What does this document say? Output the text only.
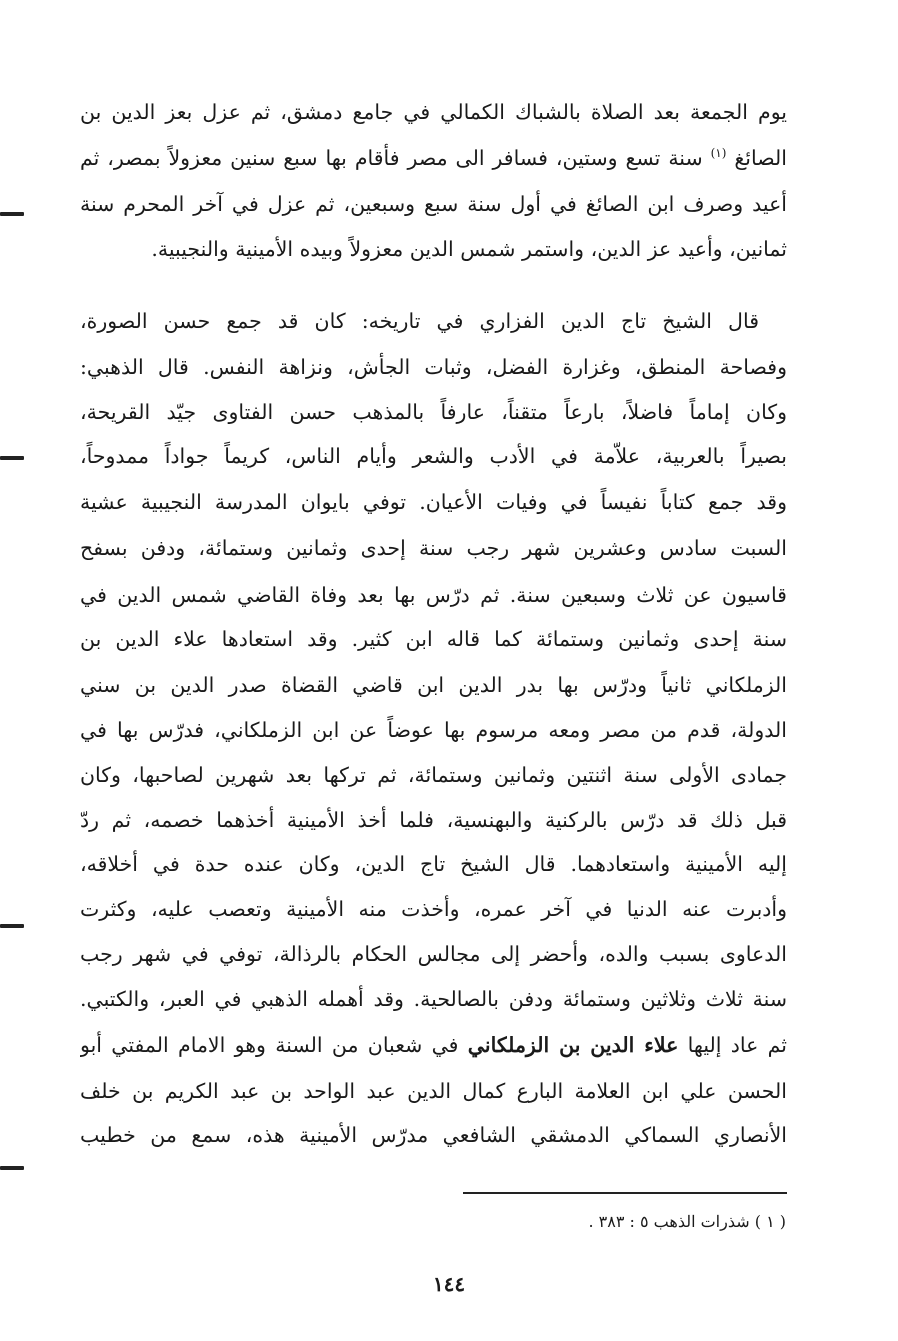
يوم الجمعة بعد الصلاة بالشباك الكمالي في جامع دمشق، ثم عزل بعز الدين بن
الصائغ $^{(١)}$ سنة تسع وستين، فسافر الى مصر فأقام بها سبع سنين معزولاً بمصر، ثم
أعيد وصرف ابن الصائغ في أول سنة سبع وسبعين، ثم عزل في آخر المحرم سنة
ثمانين، وأعيد عز الدين، واستمر شمس الدين معزولاً وبيده الأمينية والنجيبية.
قال الشيخ تاج الدين الفزاري في تاريخه: كان قد جمع حسن الصورة،
وفصاحة المنطق، وغزارة الفضل، وثبات الجأش، ونزاهة النفس. قال الذهبي:
وكان إماماً فاضلاً، بارعاً متقناً، عارفاً بالمذهب حسن الفتاوى جيّد القريحة،
بصيراً بالعربية، علاّمة في الأدب والشعر وأيام الناس، كريماً جواداً ممدوحاً،
وقد جمع كتاباً نفيساً في وفيات الأعيان. توفي بايوان المدرسة النجيبية عشية
السبت سادس وعشرين شهر رجب سنة إحدى وثمانين وستمائة، ودفن بسفح
قاسيون عن ثلاث وسبعين سنة. ثم درّس بها بعد وفاة القاضي شمس الدين في
سنة إحدى وثمانين وستمائة كما قاله ابن كثير. وقد استعادها علاء الدين بن
الزملكاني ثانياً ودرّس بها بدر الدين ابن قاضي القضاة صدر الدين بن سني
الدولة، قدم من مصر ومعه مرسوم بها عوضاً عن ابن الزملكاني، فدرّس بها في
جمادى الأولى سنة اثنتين وثمانين وستمائة، ثم تركها بعد شهرين لصاحبها، وكان
قبل ذلك قد درّس بالركنية والبهنسية، فلما أخذ الأمينية أخذهما خصمه، ثم ردّ
إليه الأمينية واستعادهما. قال الشيخ تاج الدين، وكان عنده حدة في أخلاقه،
وأدبرت عنه الدنيا في آخر عمره، وأخذت منه الأمينية وتعصب عليه، وكثرت
الدعاوى بسبب والده، وأحضر إلى مجالس الحكام بالرذالة، توفي في شهر رجب
سنة ثلاث وثلاثين وستمائة ودفن بالصالحية. وقد أهمله الذهبي في العبر، والكتبي.
ثم عاد إليها علاء الدين بن الزملكاني في شعبان من السنة وهو الامام المفتي أبو
الحسن علي ابن العلامة البارع كمال الدين عبد الواحد بن عبد الكريم بن خلف
الأنصاري السماكي الدمشقي الشافعي مدرّس الأمينية هذه، سمع من خطيب
( ١ ) شذرات الذهب ٥ : ٣٨٣ .
١٤٤
